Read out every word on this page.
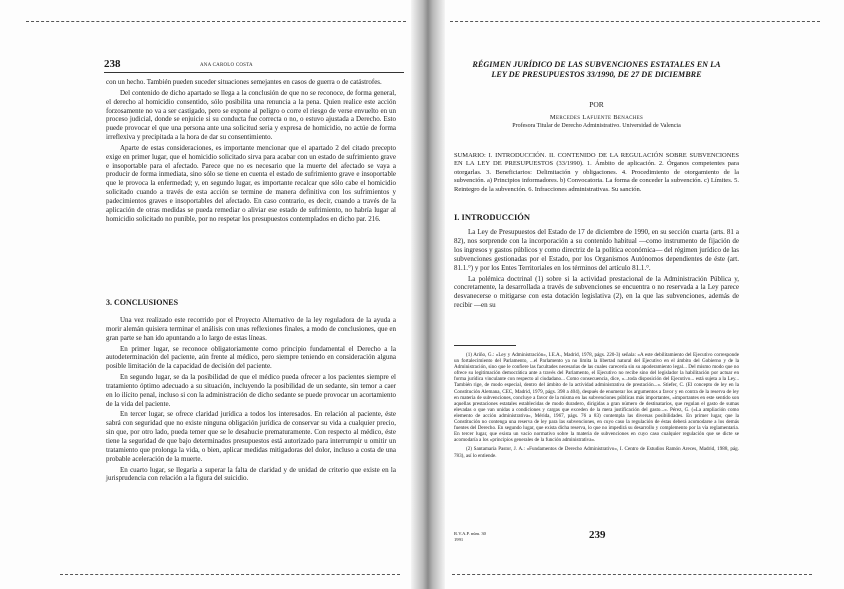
238	ANA CAROLO COSTA

con un hecho. También pueden suceder situaciones semejantes en casos de guerra o de catástrofes.

Del contenido de dicho apartado se llega a la conclusión de que no se reconoce, de forma general, el derecho al homicidio consentido, sólo posibilita una renuncia a la pena. Quien realice este acción forzosamente no va a ser castigado, pero se expone al peligro o corre el riesgo de verse envuelto en un proceso judicial, donde se enjuicie si su conducta fue correcta o no, o estuvo ajustada a Derecho. Esto puede provocar el que una persona ante una solicitud seria y expresa de homicidio, no actúe de forma irreflexiva y precipitada a la hora de dar su consentimiento.

Aparte de estas consideraciones, es importante mencionar que el apartado 2 del citado precepto exige en primer lugar, que el homicidio solicitado sirva para acabar con un estado de sufrimiento grave e insoportable para el afectado. Parece que no es necesario que la muerte del afectado se vaya a producir de forma inmediata, sino sólo se tiene en cuenta el estado de sufrimiento grave e insoportable que le provoca la enfermedad; y, en segundo lugar, es importante recalcar que sólo cabe el homicidio solicitado cuando a través de esta acción se termine de manera definitiva con los sufrimientos y padecimientos graves e insoportables del afectado. En caso contrario, es decir, cuando a través de la aplicación de otras medidas se pueda remediar o aliviar ese estado de sufrimiento, no habría lugar al homicidio solicitado no punible, por no respetar los presupuestos contemplados en dicho par. 216.

3. CONCLUSIONES

Una vez realizado este recorrido por el Proyecto Alternativo de la ley reguladora de la ayuda a morir alemán quisiera terminar el análisis con unas reflexiones finales, a modo de conclusiones, que en gran parte se han ido apuntando a lo largo de estas líneas.

En primer lugar, se reconoce obligatoriamente como principio fundamental el Derecho a la autodeterminación del paciente, aún frente al médico, pero siempre teniendo en consideración alguna posible limitación de la capacidad de decisión del paciente.

En segundo lugar, se da la posibilidad de que el médico pueda ofrecer a los pacientes siempre el tratamiento óptimo adecuado a su situación, incluyendo la posibilidad de un sedante, sin temor a caer en lo ilícito penal, incluso si con la administración de dicho sedante se puede provocar un acortamiento de la vida del paciente.

En tercer lugar, se ofrece claridad jurídica a todos los interesados. En relación al paciente, éste sabrá con seguridad que no existe ninguna obligación jurídica de conservar su vida a cualquier precio, sin que, por otro lado, pueda temer que se le desahucie prematuramente. Con respecto al médico, éste tiene la seguridad de que bajo determinados presupuestos está autorizado para interrumpir u omitir un tratamiento que prolonga la vida, o bien, aplicar medidas mitigadoras del dolor, incluso a costa de una probable aceleración de la muerte.

En cuarto lugar, se llegaría a superar la falta de claridad y de unidad de criterio que existe en la jurisprudencia con relación a la figura del suicidio.

RÉGIMEN JURÍDICO DE LAS SUBVENCIONES ESTATALES EN LA
LEY DE PRESUPUESTOS 33/1990, DE 27 DE DICIEMBRE
POR
Mercedes Lafuente Benaches
Profesora Titular de Derecho Administrativo. Universidad de Valencia
SUMARIO: I. INTRODUCCIÓN. II. CONTENIDO DE LA REGULACIÓN SOBRE SUBVENCIONES EN LA LEY DE PRESUPUESTOS (33/1990). 1. Ámbito de aplicación. 2. Órganos competentes para otorgarlas. 3. Beneficiarios: Delimitación y obligaciones. 4. Procedimiento de otorgamiento de la subvención. a) Principios informadores. b) Convocatoria. La forma de conceder la subvención. c) Límites. 5. Reintegro de la subvención. 6. Infracciones administrativas. Su sanción.
I. INTRODUCCIÓN

La Ley de Presupuestos del Estado de 17 de diciembre de 1990, en su sección cuarta (arts. 81 a 82), nos sorprende con la incorporación a su contenido habitual —como instrumento de fijación de los ingresos y gastos públicos y como directriz de la política económica— del régimen jurídico de las subvenciones gestionadas por el Estado, por los Organismos Autónomos dependientes de éste (art. 81.1.°) y por los Entes Territoriales en los términos del artículo 81.1.°.

La polémica doctrinal (1) sobre si la actividad prestacional de la Administración Pública y, concretamente, la desarrollada a través de subvenciones se encuentra o no reservada a la Ley parece desvanecerse o mitigarse con esta dotación legislativa (2), en la que las subvenciones, además de recibir —en su

(1) Ariño, G.: «Ley y Administración», I.E.A., Madrid, 1978, págs. 220-3) señala: «A este debilitamiento del Ejecutivo corresponde un fortalecimiento del Parlamento, ...el Parlamento ya no limita la libertad natural del Ejecutivo en el ámbito del Gobierno y de la Administración, sino que le confiere las facultades necesarias de las cuales carecería sin su apoderamiento legal... Del mismo modo que no ofrece su legitimación democrática ante a través del Parlamento, el Ejecutivo no recibe sino del legislador la habilitación por actuar en forma jurídica vinculante con respecto al ciudadano... Como consecuencia, dice, «...toda disposición del Ejecutivo... está sujeta a la Ley... También rige, de modo especial, dentro del ámbito de la actividad administrativa de prestación...». Stiefer, C. (El concepto de ley en la Constitución Alemana, CEC, Madrid, 1979, págs. 398 a 404), después de enumerar los argumentos a favor y en contra de la reserva de ley en materia de subvenciones, concluye a favor de la misma en las subvenciones públicas más importantes, «importantes en este sentido son aquellas prestaciones estatales establecidas de modo duradero, dirigidas a gran número de destinatarios, que regulan el gasto de sumas elevadas o que van unidas a condiciones y cargas que exceden de la mera justificación del gasto...». Pérez, G. («La ampliación como elemento de acción administrativa», Mérida, 1967, págs. 76 a 83) contempla las diversas posibilidades. En primer lugar, que la Constitución no contenga una reserva de ley para las subvenciones, en cuyo caso la regulación de éstas deberá acomodarse a los demás fuentes del Derecho. En segundo lugar, que exista dicha reserva, lo que no impedirá su desarrollo y complemento por la vía reglamentaria. En tercer lugar, que exista un vacío normativo sobre la materia de subvenciones en cuyo caso cualquier regulación que se dicte se acomodaría a los «principios generales de la función administrativa».

(2) Santamaría Pastor, J. A.: «Fundamentos de Derecho Administrativo», I. Centro de Estudios Ramón Areces, Madrid, 1988, pág. 783), así lo entiende.

R.V.A.P. núm. 30
1991	239
